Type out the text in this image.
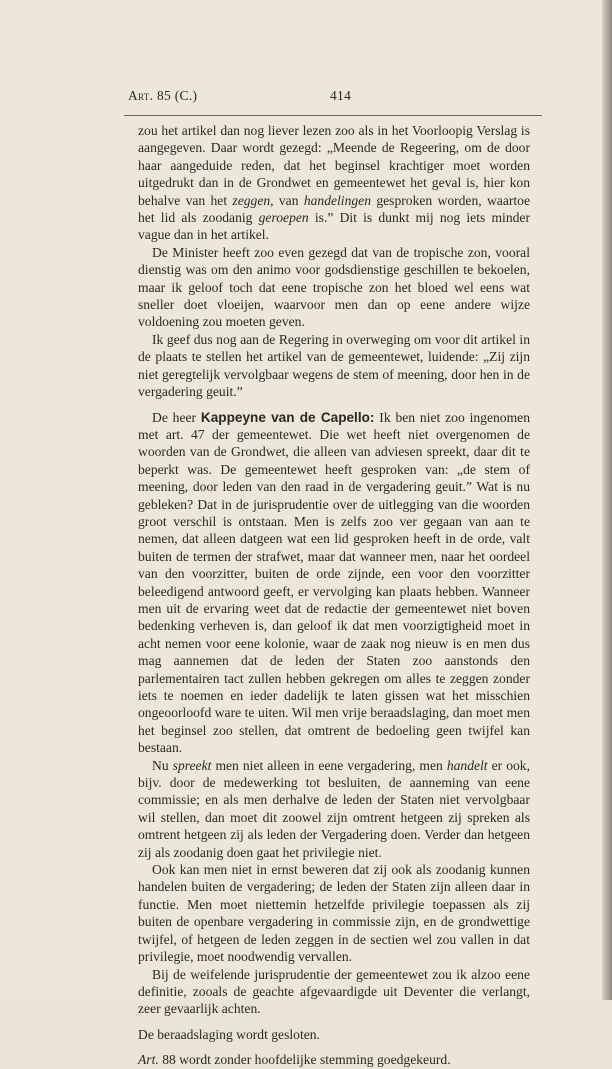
Art. 85 (C.)	414

zou het artikel dan nog liever lezen zoo als in het Voorloopig Verslag is aangegeven. Daar wordt gezegd: „Meende de Regeering, om de door haar aangeduide reden, dat het beginsel krachtiger moet worden uitgedrukt dan in de Grondwet en gemeentewet het geval is, hier kon behalve van het zeggen, van handelingen gesproken worden, waartoe het lid als zoodanig geroepen is.” Dit is dunkt mij nog iets minder vague dan in het artikel.

De Minister heeft zoo even gezegd dat van de tropische zon, vooral dienstig was om den animo voor godsdienstige geschillen te bekoelen, maar ik geloof toch dat eene tropische zon het bloed wel eens wat sneller doet vloeijen, waarvoor men dan op eene andere wijze voldoening zou moeten geven.

Ik geef dus nog aan de Regering in overweging om voor dit artikel in de plaats te stellen het artikel van de gemeentewet, luidende: „Zij zijn niet geregtelijk vervolgbaar wegens de stem of meening, door hen in de vergadering geuit.”

De heer Kappeyne van de Capello: Ik ben niet zoo ingenomen met art. 47 der gemeentewet. Die wet heeft niet overgenomen de woorden van de Grondwet, die alleen van adviesen spreekt, daar dit te beperkt was. De gemeentewet heeft gesproken van: „de stem of meening, door leden van den raad in de vergadering geuit.” Wat is nu gebleken? Dat in de jurisprudentie over de uitlegging van die woorden groot verschil is ontstaan. Men is zelfs zoo ver gegaan van aan te nemen, dat alleen datgeen wat een lid gesproken heeft in de orde, valt buiten de termen der strafwet, maar dat wanneer men, naar het oordeel van den voorzitter, buiten de orde zijnde, een voor den voorzitter beleedigend antwoord geeft, er vervolging kan plaats hebben. Wanneer men uit de ervaring weet dat de redactie der gemeentewet niet boven bedenking verheven is, dan geloof ik dat men voorzigtigheid moet in acht nemen voor eene kolonie, waar de zaak nog nieuw is en men dus mag aannemen dat de leden der Staten zoo aanstonds den parlementairen tact zullen hebben gekregen om alles te zeggen zonder iets te noemen en ieder dadelijk te laten gissen wat het misschien ongeoorloofd ware te uiten. Wil men vrije beraadslaging, dan moet men het beginsel zoo stellen, dat omtrent de bedoeling geen twijfel kan bestaan.

Nu spreekt men niet alleen in eene vergadering, men handelt er ook, bijv. door de medewerking tot besluiten, de aanneming van eene commissie; en als men derhalve de leden der Staten niet vervolgbaar wil stellen, dan moet dit zoowel zijn omtrent hetgeen zij spreken als omtrent hetgeen zij als leden der Vergadering doen. Verder dan hetgeen zij als zoodanig doen gaat het privilegie niet.

Ook kan men niet in ernst beweren dat zij ook als zoodanig kunnen handelen buiten de vergadering; de leden der Staten zijn alleen daar in functie. Men moet niettemin hetzelfde privilegie toepassen als zij buiten de openbare vergadering in commissie zijn, en de grondwettige twijfel, of hetgeen de leden zeggen in de sectien wel zou vallen in dat privilegie, moet noodwendig vervallen.

Bij de weifelende jurisprudentie der gemeentewet zou ik alzoo eene definitie, zooals de geachte afgevaardigde uit Deventer die verlangt, zeer gevaarlijk achten.

De beraadslaging wordt gesloten.

Art. 88 wordt zonder hoofdelijke stemming goedgekeurd.
